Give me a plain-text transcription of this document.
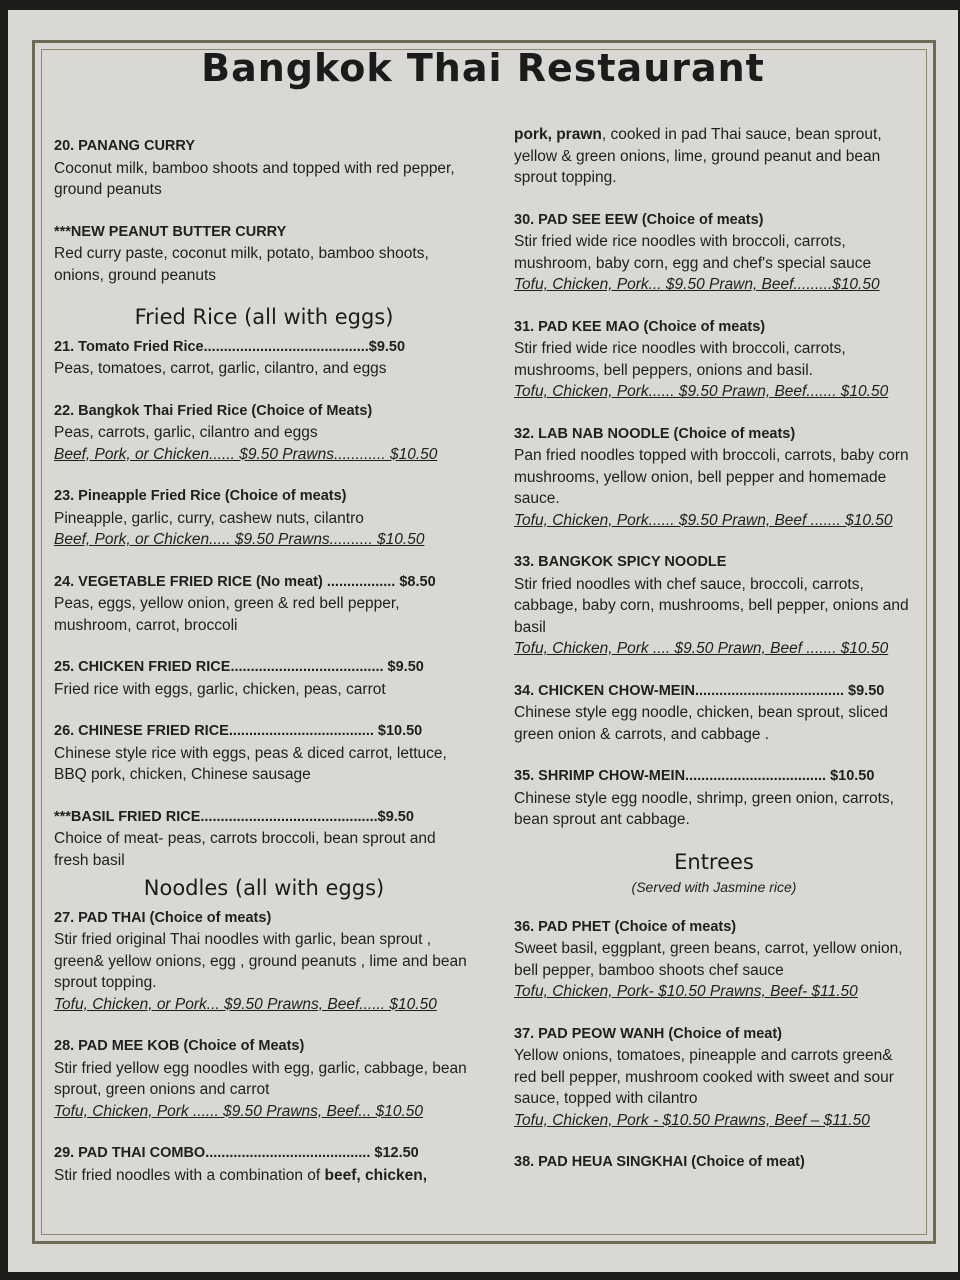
Bangkok Thai Restaurant
20. PANANG CURRY
Coconut milk, bamboo shoots and topped with red pepper, ground peanuts
***NEW PEANUT BUTTER CURRY
Red curry paste, coconut milk, potato, bamboo shoots, onions, ground peanuts
Fried Rice (all with eggs)
21. Tomato Fried Rice.........................................$9.50
Peas, tomatoes, carrot, garlic, cilantro, and eggs
22. Bangkok Thai Fried Rice (Choice of Meats)
Peas, carrots, garlic, cilantro and eggs
Beef, Pork, or Chicken...... $9.50 Prawns............ $10.50
23. Pineapple Fried Rice (Choice of meats)
Pineapple, garlic, curry, cashew nuts, cilantro
Beef, Pork, or Chicken..... $9.50 Prawns.......... $10.50
24. VEGETABLE FRIED RICE (No meat) ................. $8.50
Peas, eggs, yellow onion, green & red bell pepper, mushroom, carrot, broccoli
25. CHICKEN FRIED RICE...................................... $9.50
Fried rice with eggs, garlic, chicken, peas, carrot
26. CHINESE FRIED RICE.................................... $10.50
Chinese style rice with eggs, peas & diced carrot, lettuce, BBQ pork, chicken, Chinese sausage
***BASIL FRIED RICE............................................$9.50
Choice of meat- peas, carrots broccoli, bean sprout and fresh basil
Noodles (all with eggs)
27. PAD THAI (Choice of meats)
Stir fried original Thai noodles with garlic, bean sprout , green& yellow onions, egg , ground peanuts , lime and bean sprout topping.
Tofu, Chicken, or Pork... $9.50 Prawns, Beef...... $10.50
28. PAD MEE KOB (Choice of Meats)
Stir fried yellow egg noodles with egg, garlic, cabbage, bean sprout, green onions and carrot
Tofu, Chicken, Pork ...... $9.50 Prawns, Beef... $10.50
29. PAD THAI COMBO......................................... $12.50
Stir fried noodles with a combination of beef, chicken,
pork, prawn, cooked in pad Thai sauce, bean sprout, yellow & green onions, lime, ground peanut and bean sprout topping.
30. PAD SEE EEW (Choice of meats)
Stir fried wide rice noodles with broccoli, carrots, mushroom, baby corn, egg and chef's special sauce
Tofu, Chicken, Pork... $9.50 Prawn, Beef.........$10.50
31. PAD KEE MAO (Choice of meats)
Stir fried wide rice noodles with broccoli, carrots, mushrooms, bell peppers, onions and basil.
Tofu, Chicken, Pork...... $9.50 Prawn, Beef....... $10.50
32. LAB NAB NOODLE (Choice of meats)
Pan fried noodles topped with broccoli, carrots, baby corn mushrooms, yellow onion, bell pepper and homemade sauce.
Tofu, Chicken, Pork...... $9.50 Prawn, Beef ....... $10.50
33. BANGKOK SPICY NOODLE
Stir fried noodles with chef sauce, broccoli, carrots, cabbage, baby corn, mushrooms, bell pepper, onions and basil
Tofu, Chicken, Pork .... $9.50 Prawn, Beef ....... $10.50
34. CHICKEN CHOW-MEIN..................................... $9.50
Chinese style egg noodle, chicken, bean sprout, sliced green onion & carrots, and cabbage .
35. SHRIMP CHOW-MEIN................................... $10.50
Chinese style egg noodle, shrimp, green onion, carrots, bean sprout ant cabbage.
Entrees
(Served with Jasmine rice)
36. PAD PHET (Choice of meats)
Sweet basil, eggplant, green beans, carrot, yellow onion, bell pepper, bamboo shoots chef sauce
Tofu, Chicken, Pork- $10.50 Prawns, Beef- $11.50
37. PAD PEOW WANH (Choice of meat)
Yellow onions, tomatoes, pineapple and carrots green& red bell pepper, mushroom cooked with sweet and sour sauce, topped with cilantro
Tofu, Chicken, Pork - $10.50 Prawns, Beef – $11.50
38. PAD HEUA SINGKHAI (Choice of meat)
